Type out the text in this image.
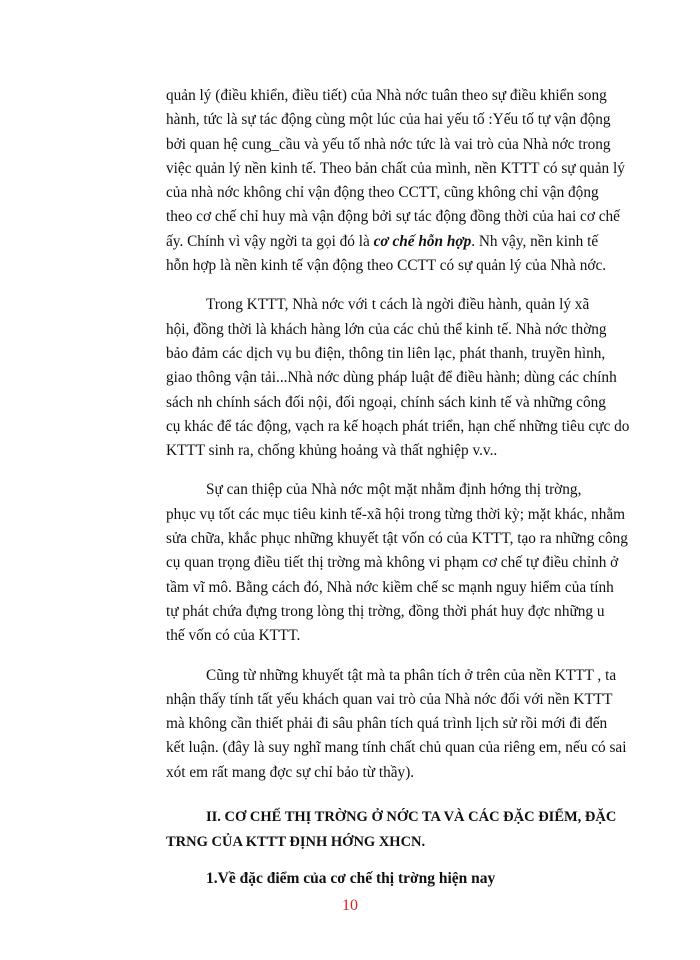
quản lý (điều khiển, điều tiết) của Nhà nớc tuân theo sự điều khiển song
hành, tức là sự tác động cùng một lúc của hai yếu tố :Yếu tố tự vận động
bởi quan hệ cung_cầu và yếu tố nhà nớc tức là vai trò của Nhà nớc trong
việc quản lý nền kinh tế. Theo bản chất của mình, nền KTTT có sự quản lý
của nhà nớc không chỉ vận động theo CCTT, cũng không chỉ vận động
theo cơ chế chỉ huy mà vận động bởi sự tác động đồng thời của hai cơ chế
ấy. Chính vì vậy ngời ta gọi đó là cơ chế hỗn hợp. Nh vậy, nền kinh tế
hỗn hợp là nền kinh tế vận động theo CCTT có sự quản lý của Nhà nớc.

Trong KTTT, Nhà nớc với t cách là ngời điều hành, quản lý xã
hội, đồng thời là khách hàng lớn của các chủ thể kinh tế. Nhà nớc thờng
bảo đảm các dịch vụ bu điện, thông tin liên lạc, phát thanh, truyền hình,
giao thông vận tải...Nhà nớc dùng pháp luật để điều hành; dùng các chính
sách nh chính sách đối nội, đối ngoại, chính sách kinh tế và những công
cụ khác để tác động, vạch ra kế hoạch phát triển, hạn chế những tiêu cực do
KTTT sinh ra, chống khủng hoảng và thất nghiệp v.v..

Sự can thiệp của Nhà nớc một mặt nhằm định hớng thị trờng,
phục vụ tốt các mục tiêu kinh tế-xã hội trong từng thời kỳ; mặt khác, nhằm
sửa chữa, khắc phục những khuyết tật vốn có của KTTT, tạo ra những công
cụ quan trọng điều tiết thị trờng mà không vi phạm cơ chế tự điều chỉnh ở
tầm vĩ mô. Bằng cách đó, Nhà nớc kiềm chế sc mạnh nguy hiểm của tính
tự phát chứa đựng trong lòng thị trờng, đồng thời phát huy đợc những u
thế vốn có của KTTT.

Cũng từ những khuyết tật mà ta phân tích ở trên của nền KTTT , ta
nhận thấy tính tất yếu khách quan vai trò của Nhà nớc đối với nền KTTT
mà không cần thiết phải đi sâu phân tích quá trình lịch sử rồi mới đi đến
kết luận. (đây là suy nghĩ mang tính chất chủ quan của riêng em, nếu có sai
xót em rất mang đợc sự chỉ bảo từ thầy).

II. CƠ CHẾ THỊ TRỜNG Ở NỚC TA VÀ CÁC ĐẶC ĐIỂM, ĐẶC
TRNG CỦA KTTT ĐỊNH HỚNG XHCN.
1.Về đặc điểm của cơ chế thị trờng hiện nay
10
